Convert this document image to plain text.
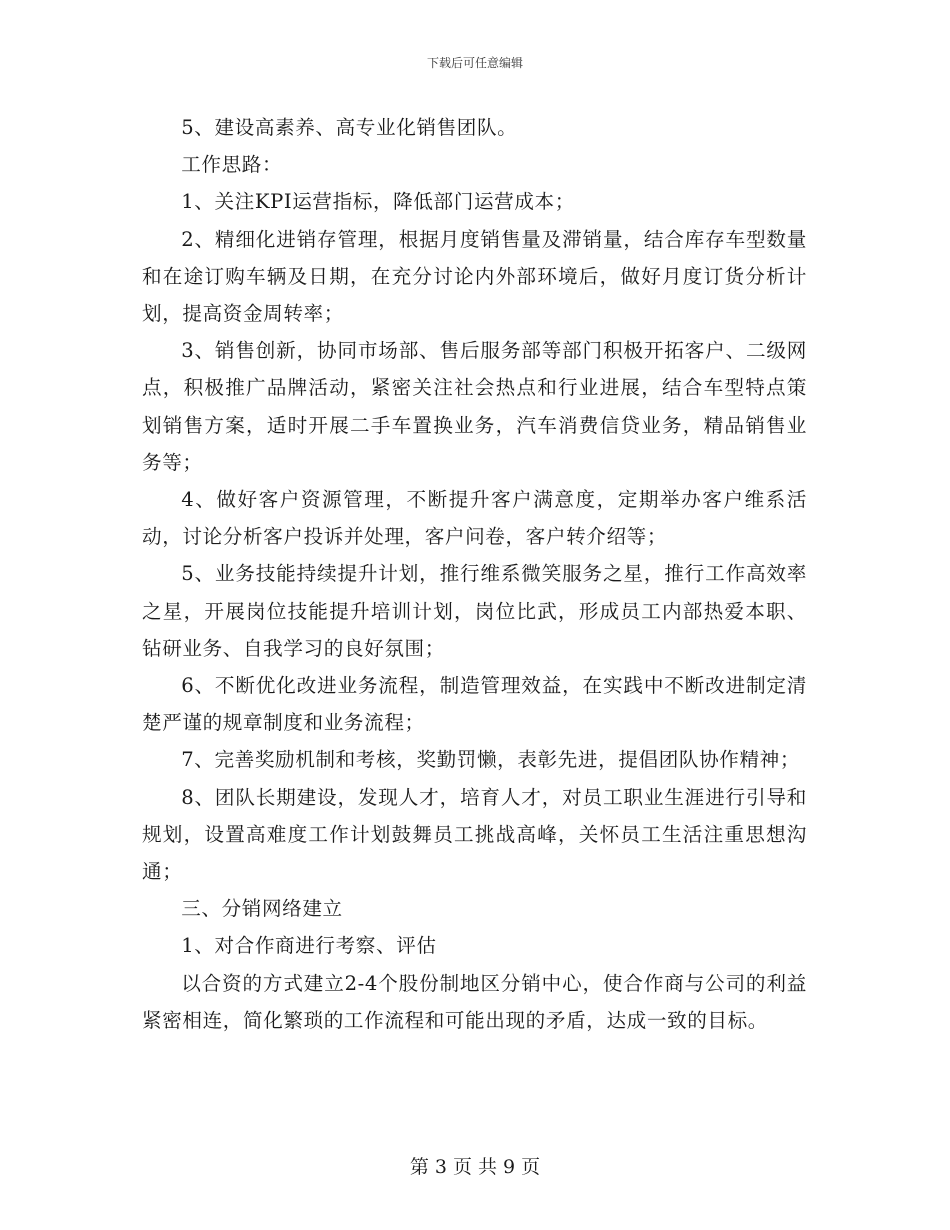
下载后可任意编辑

5、建设高素养、高专业化销售团队。

工作思路：

1、关注KPI运营指标，降低部门运营成本；

2、精细化进销存管理，根据月度销售量及滞销量，结合库存车型数量和在途订购车辆及日期，在充分讨论内外部环境后，做好月度订货分析计划，提高资金周转率；

3、销售创新，协同市场部、售后服务部等部门积极开拓客户、二级网点，积极推广品牌活动，紧密关注社会热点和行业进展，结合车型特点策划销售方案，适时开展二手车置换业务，汽车消费信贷业务，精品销售业务等；

4、做好客户资源管理，不断提升客户满意度，定期举办客户维系活动，讨论分析客户投诉并处理，客户问卷，客户转介绍等；

5、业务技能持续提升计划，推行维系微笑服务之星，推行工作高效率之星，开展岗位技能提升培训计划，岗位比武，形成员工内部热爱本职、钻研业务、自我学习的良好氛围；

6、不断优化改进业务流程，制造管理效益，在实践中不断改进制定清楚严谨的规章制度和业务流程；

7、完善奖励机制和考核，奖勤罚懒，表彰先进，提倡团队协作精神；

8、团队长期建设，发现人才，培育人才，对员工职业生涯进行引导和规划，设置高难度工作计划鼓舞员工挑战高峰，关怀员工生活注重思想沟通；

三、分销网络建立

1、对合作商进行考察、评估

以合资的方式建立2-4个股份制地区分销中心，使合作商与公司的利益紧密相连，简化繁琐的工作流程和可能出现的矛盾，达成一致的目标。

第 3 页 共 9 页
